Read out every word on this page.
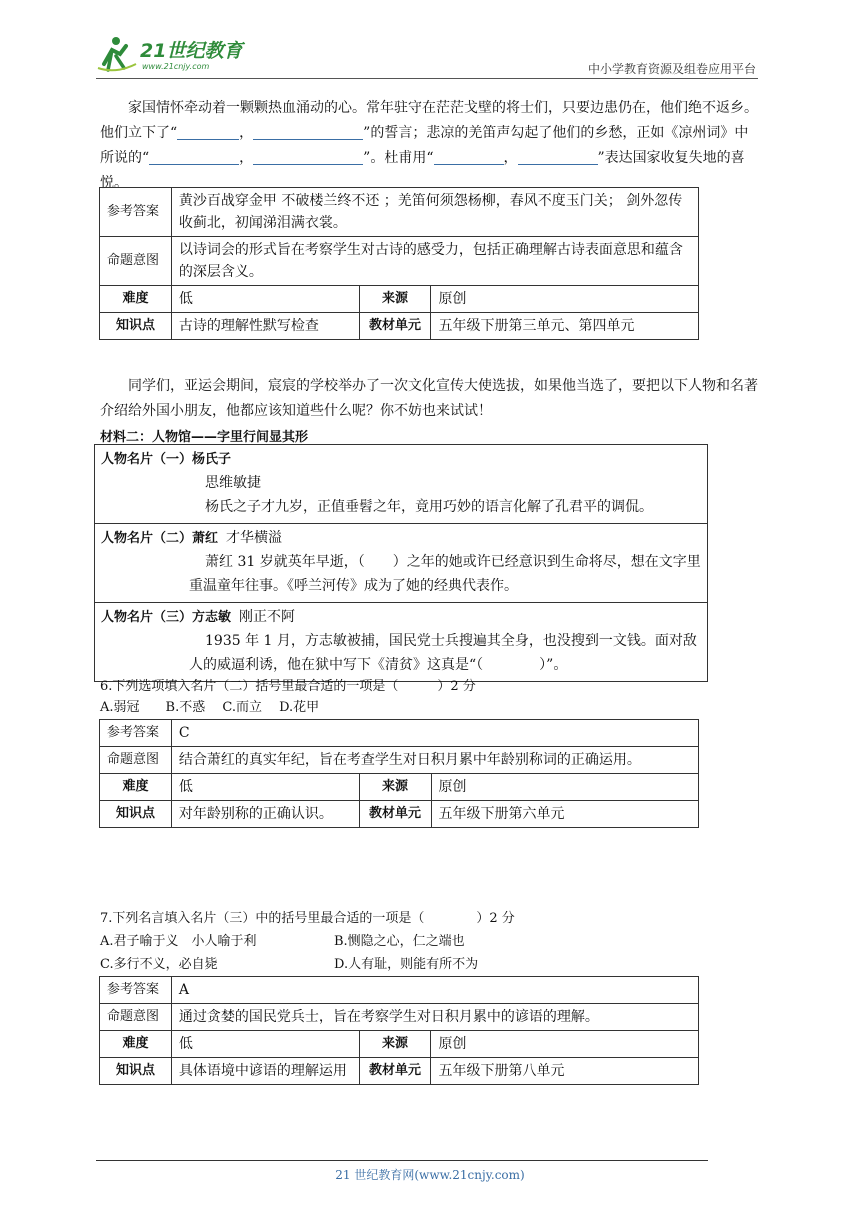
21世纪教育
www.21cnjy.com	中小学教育资源及组卷应用平台

家国情怀牵动着一颗颗热血涌动的心。常年驻守在茫茫戈壁的将士们，只要边患仍在，他们绝不返乡。他们立下了“	，	”的誓言；悲凉的羌笛声勾起了他们的乡愁，正如《凉州词》中所说的“	，	”。杜甫用“	，	”表达国家收复失地的喜悦。

参考答案	黄沙百战穿金甲 不破楼兰终不还 ；羌笛何须怨杨柳，春风不度玉门关； 剑外忽传收蓟北，初闻涕泪满衣裳。		
命题意图	以诗词会的形式旨在考察学生对古诗的感受力，包括正确理解古诗表面意思和蕴含的深层含义。		
难度	低	来源	原创
知识点	古诗的理解性默写检查	教材单元	五年级下册第三单元、第四单元

同学们，亚运会期间，宸宸的学校举办了一次文化宣传大使选拔，如果他当选了，要把以下人物和名著介绍给外国小朋友，他都应该知道些什么呢？你不妨也来试试！

材料二：人物馆——字里行间显其形
人物名片（一）杨氏子
思维敏捷
杨氏之子才九岁，正值垂髫之年，竟用巧妙的语言化解了孔君平的调侃。
人物名片（二）萧红 才华横溢
萧红 31 岁就英年早逝，（　　）之年的她或许已经意识到生命将尽，想在文字里重温童年往事。《呼兰河传》成为了她的经典代表作。
人物名片（三）方志敏 刚正不阿
1935 年 1 月，方志敏被捕，国民党士兵搜遍其全身，也没搜到一文钱。面对敌人的威逼利诱，他在狱中写下《清贫》这真是“（　　　　）”。
6.下列选项填入名片（二）括号里最合适的一项是（　　　）2 分
A.弱冠　　B.不惑　 C.而立　 D.花甲
参考答案	C		
命题意图	结合萧红的真实年纪，旨在考查学生对日积月累中年龄别称词的正确运用。		
难度	低	来源	原创
知识点	对年龄别称的正确认识。	教材单元	五年级下册第六单元
7.下列名言填入名片（三）中的括号里最合适的一项是（　　　　）2 分
A.君子喻于义　小人喻于利	B.恻隐之心，仁之端也
C.多行不义，必自毙	D.人有耻，则能有所不为
参考答案	A		
命题意图	通过贪婪的国民党兵士，旨在考察学生对日积月累中的谚语的理解。		
难度	低	来源	原创
知识点	具体语境中谚语的理解运用	教材单元	五年级下册第八单元
21 世纪教育网(www.21cnjy.com)
